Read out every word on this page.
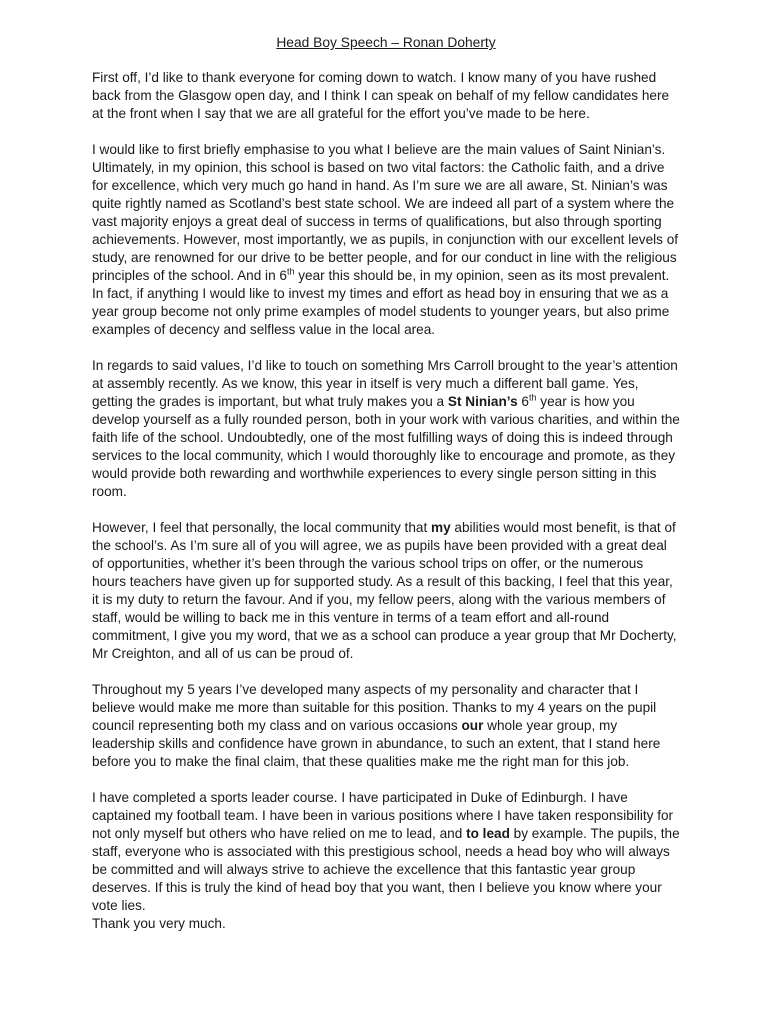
Head Boy Speech – Ronan Doherty

First off, I’d like to thank everyone for coming down to watch. I know many of you have rushed back from the Glasgow open day, and I think I can speak on behalf of my fellow candidates here at the front when I say that we are all grateful for the effort you’ve made to be here.

I would like to first briefly emphasise to you what I believe are the main values of Saint Ninian’s. Ultimately, in my opinion, this school is based on two vital factors: the Catholic faith, and a drive for excellence, which very much go hand in hand. As I’m sure we are all aware, St. Ninian’s was quite rightly named as Scotland’s best state school. We are indeed all part of a system where the vast majority enjoys a great deal of success in terms of qualifications, but also through sporting achievements. However, most importantly, we as pupils, in conjunction with our excellent levels of study, are renowned for our drive to be better people, and for our conduct in line with the religious principles of the school. And in 6th year this should be, in my opinion, seen as its most prevalent. In fact, if anything I would like to invest my times and effort as head boy in ensuring that we as a year group become not only prime examples of model students to younger years, but also prime examples of decency and selfless value in the local area.

In regards to said values, I’d like to touch on something Mrs Carroll brought to the year’s attention at assembly recently. As we know, this year in itself is very much a different ball game. Yes, getting the grades is important, but what truly makes you a St Ninian’s 6th year is how you develop yourself as a fully rounded person, both in your work with various charities, and within the faith life of the school. Undoubtedly, one of the most fulfilling ways of doing this is indeed through services to the local community, which I would thoroughly like to encourage and promote, as they would provide both rewarding and worthwhile experiences to every single person sitting in this room.

However, I feel that personally, the local community that my abilities would most benefit, is that of the school’s. As I’m sure all of you will agree, we as pupils have been provided with a great deal of opportunities, whether it’s been through the various school trips on offer, or the numerous hours teachers have given up for supported study. As a result of this backing, I feel that this year, it is my duty to return the favour. And if you, my fellow peers, along with the various members of staff, would be willing to back me in this venture in terms of a team effort and all-round commitment, I give you my word, that we as a school can produce a year group that Mr Docherty, Mr Creighton, and all of us can be proud of.

Throughout my 5 years I’ve developed many aspects of my personality and character that I believe would make me more than suitable for this position. Thanks to my 4 years on the pupil council representing both my class and on various occasions our whole year group, my leadership skills and confidence have grown in abundance, to such an extent, that I stand here before you to make the final claim, that these qualities make me the right man for this job.

I have completed a sports leader course. I have participated in Duke of Edinburgh. I have captained my football team. I have been in various positions where I have taken responsibility for not only myself but others who have relied on me to lead, and to lead by example. The pupils, the staff, everyone who is associated with this prestigious school, needs a head boy who will always be committed and will always strive to achieve the excellence that this fantastic year group deserves. If this is truly the kind of head boy that you want, then I believe you know where your vote lies.

Thank you very much.
